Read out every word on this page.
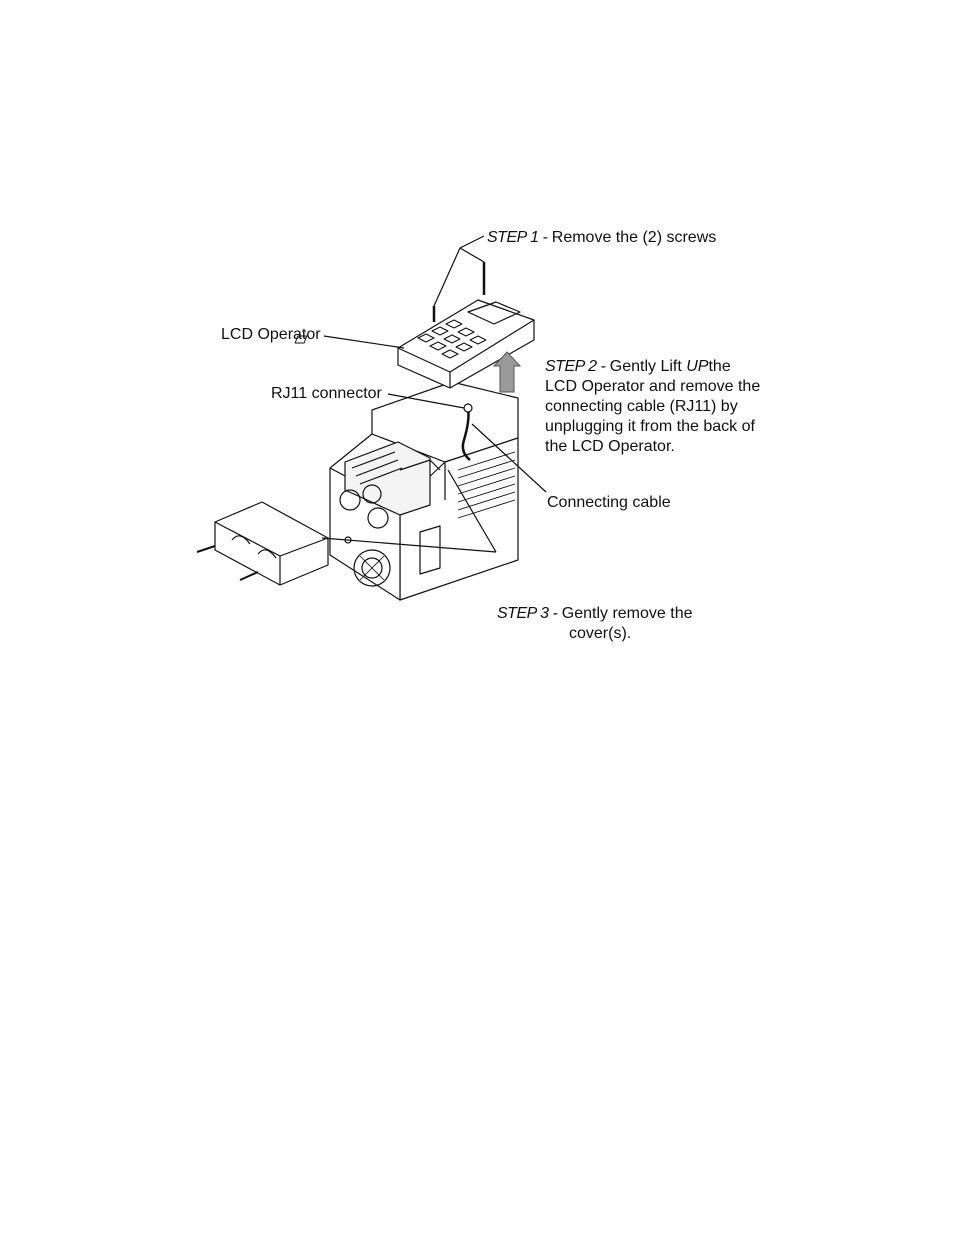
STEP 1 - Remove the (2) screws
LCD Operator
RJ11 connector
STEP 2 - Gently Lift UPthe
LCD Operator and remove the
connecting cable (RJ11) by
unplugging it from the back of
the LCD Operator.
Connecting cable
STEP 3 - Gently remove the
cover(s).
